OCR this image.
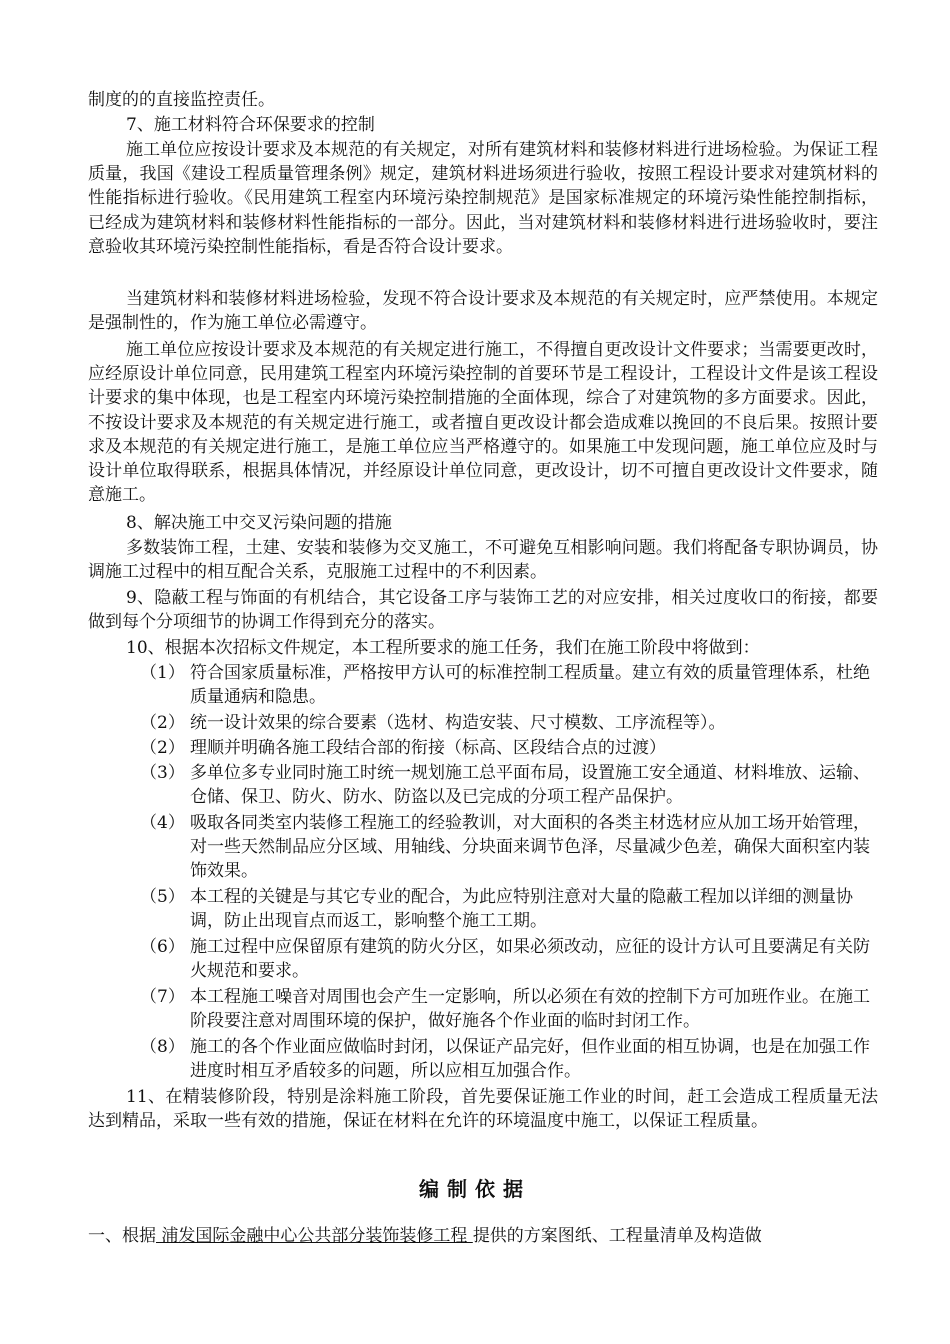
制度的的直接监控责任。
7、施工材料符合环保要求的控制
施工单位应按设计要求及本规范的有关规定，对所有建筑材料和装修材料进行进场检验。为保证工程质量，我国《建设工程质量管理条例》规定，建筑材料进场须进行验收，按照工程设计要求对建筑材料的性能指标进行验收。《民用建筑工程室内环境污染控制规范》是国家标准规定的环境污染性能控制指标，已经成为建筑材料和装修材料性能指标的一部分。因此，当对建筑材料和装修材料进行进场验收时，要注意验收其环境污染控制性能指标，看是否符合设计要求。
当建筑材料和装修材料进场检验，发现不符合设计要求及本规范的有关规定时，应严禁使用。本规定是强制性的，作为施工单位必需遵守。
施工单位应按设计要求及本规范的有关规定进行施工，不得擅自更改设计文件要求；当需要更改时，应经原设计单位同意，民用建筑工程室内环境污染控制的首要环节是工程设计，工程设计文件是该工程设计要求的集中体现，也是工程室内环境污染控制措施的全面体现，综合了对建筑物的多方面要求。因此，不按设计要求及本规范的有关规定进行施工，或者擅自更改设计都会造成难以挽回的不良后果。按照计要求及本规范的有关规定进行施工，是施工单位应当严格遵守的。如果施工中发现问题，施工单位应及时与设计单位取得联系，根据具体情况，并经原设计单位同意，更改设计，切不可擅自更改设计文件要求，随意施工。
8、解决施工中交叉污染问题的措施
多数装饰工程，土建、安装和装修为交叉施工，不可避免互相影响问题。我们将配备专职协调员，协调施工过程中的相互配合关系，克服施工过程中的不利因素。
9、隐蔽工程与饰面的有机结合，其它设备工序与装饰工艺的对应安排，相关过度收口的衔接，都要做到每个分项细节的协调工作得到充分的落实。
10、根据本次招标文件规定，本工程所要求的施工任务，我们在施工阶段中将做到：
（1） 符合国家质量标准，严格按甲方认可的标准控制工程质量。建立有效的质量管理体系，杜绝质量通病和隐患。
（2） 统一设计效果的综合要素（选材、构造安装、尺寸模数、工序流程等）。
（2） 理顺并明确各施工段结合部的衔接（标高、区段结合点的过渡）
（3） 多单位多专业同时施工时统一规划施工总平面布局，设置施工安全通道、材料堆放、运输、仓储、保卫、防火、防水、防盗以及已完成的分项工程产品保护。
（4） 吸取各同类室内装修工程施工的经验教训，对大面积的各类主材选材应从加工场开始管理，对一些天然制品应分区域、用轴线、分块面来调节色泽，尽量减少色差，确保大面积室内装饰效果。
（5） 本工程的关键是与其它专业的配合，为此应特别注意对大量的隐蔽工程加以详细的测量协调，防止出现盲点而返工，影响整个施工工期。
（6） 施工过程中应保留原有建筑的防火分区，如果必须改动，应征的设计方认可且要满足有关防火规范和要求。
（7） 本工程施工噪音对周围也会产生一定影响，所以必须在有效的控制下方可加班作业。在施工阶段要注意对周围环境的保护，做好施各个作业面的临时封闭工作。
（8） 施工的各个作业面应做临时封闭，以保证产品完好，但作业面的相互协调，也是在加强工作进度时相互矛盾较多的问题，所以应相互加强合作。
11、在精装修阶段，特别是涂料施工阶段，首先要保证施工作业的时间，赶工会造成工程质量无法达到精品，采取一些有效的措施，保证在材料在允许的环境温度中施工，以保证工程质量。
编制依据
一、根据 浦发国际金融中心公共部分装饰装修工程 提供的方案图纸、工程量清单及构造做
